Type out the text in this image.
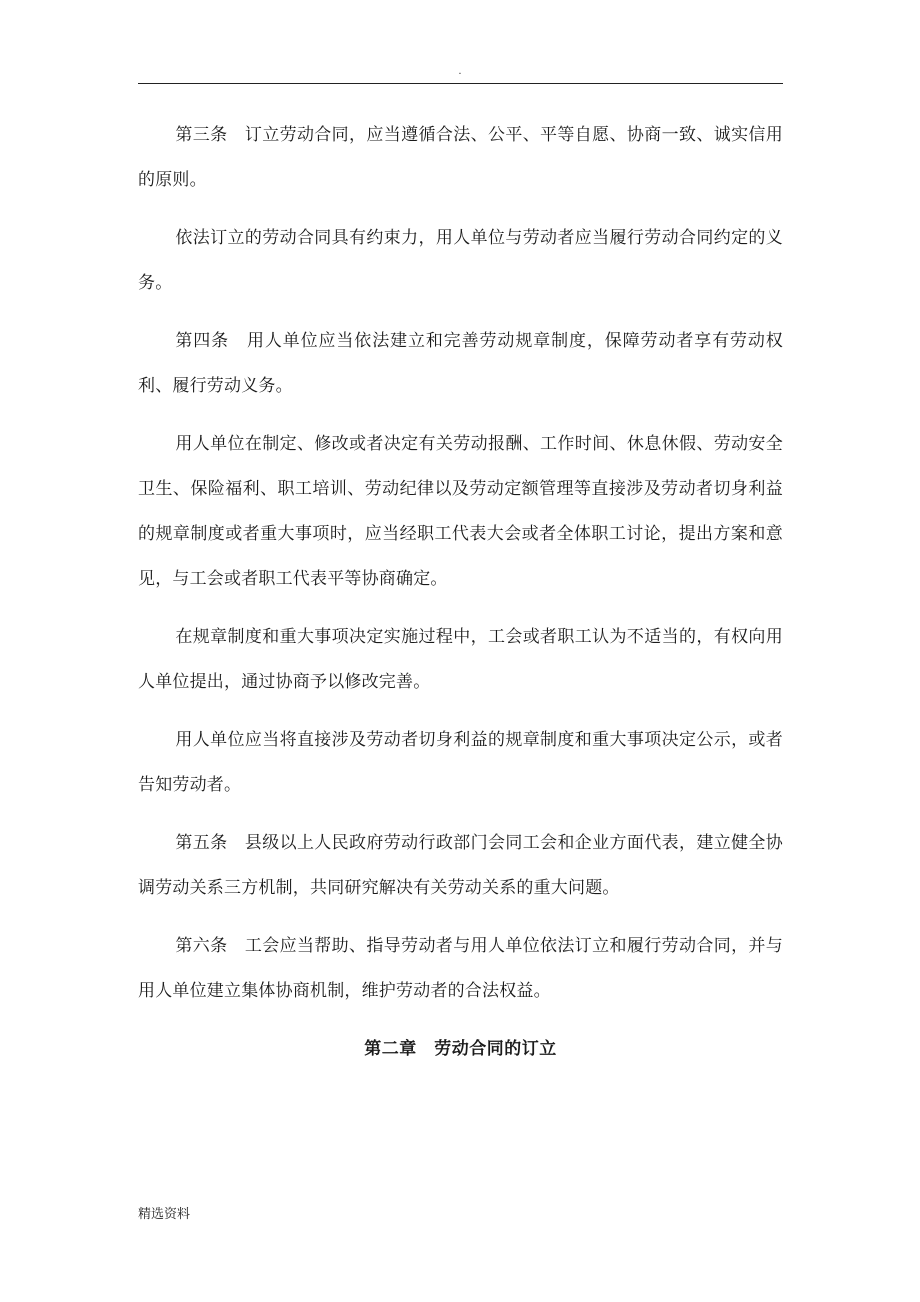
.

第三条　订立劳动合同，应当遵循合法、公平、平等自愿、协商一致、诚实信用的原则。

依法订立的劳动合同具有约束力，用人单位与劳动者应当履行劳动合同约定的义务。

第四条　用人单位应当依法建立和完善劳动规章制度，保障劳动者享有劳动权利、履行劳动义务。

用人单位在制定、修改或者决定有关劳动报酬、工作时间、休息休假、劳动安全卫生、保险福利、职工培训、劳动纪律以及劳动定额管理等直接涉及劳动者切身利益的规章制度或者重大事项时，应当经职工代表大会或者全体职工讨论，提出方案和意见，与工会或者职工代表平等协商确定。

在规章制度和重大事项决定实施过程中，工会或者职工认为不适当的，有权向用人单位提出，通过协商予以修改完善。

用人单位应当将直接涉及劳动者切身利益的规章制度和重大事项决定公示，或者告知劳动者。

第五条　县级以上人民政府劳动行政部门会同工会和企业方面代表，建立健全协调劳动关系三方机制，共同研究解决有关劳动关系的重大问题。

第六条　工会应当帮助、指导劳动者与用人单位依法订立和履行劳动合同，并与用人单位建立集体协商机制，维护劳动者的合法权益。

第二章　劳动合同的订立

精选资料
